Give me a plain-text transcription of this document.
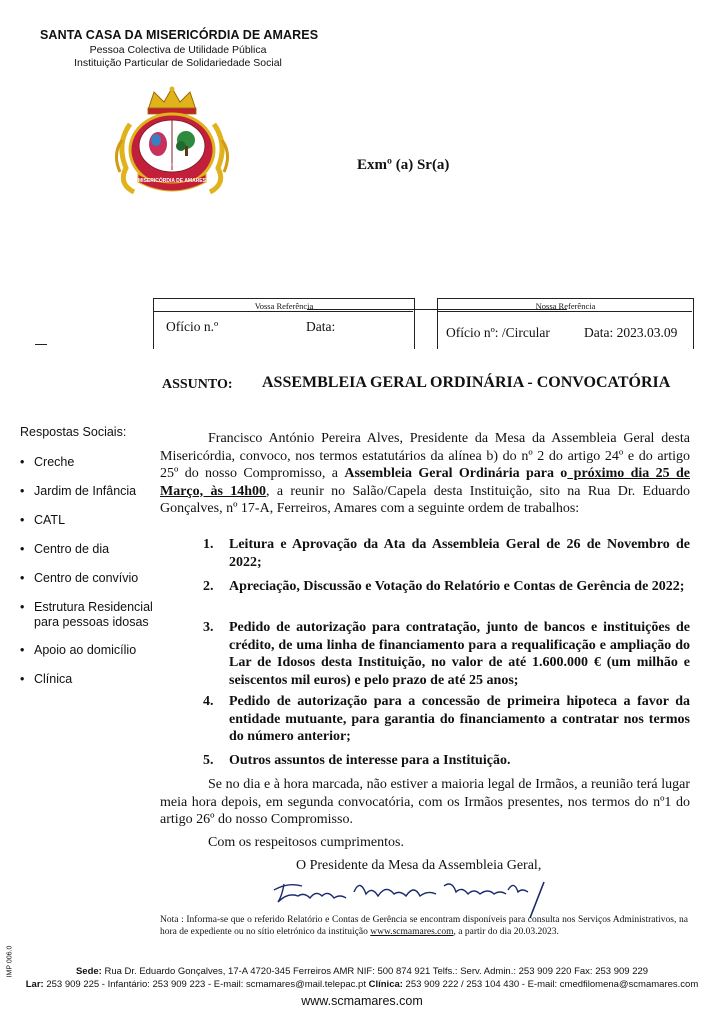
SANTA CASA DA MISERICÓRDIA DE AMARES
Pessoa Colectiva de Utilidade Pública
Instituição Particular de Solidariedade Social
1951
MISERICÓRDIA DE AMARES
Exmº (a) Sr(a)
Vossa Referência
Ofício n.º	Data:
Nossa Referência
Ofício nº: /Circular	Data: 2023.03.09
ASSUNTO: ASSEMBLEIA GERAL ORDINÁRIA - CONVOCATÓRIA
Respostas Sociais:
• Creche
• Jardim de Infância
• CATL
• Centro de dia
• Centro de convívio
• Estrutura Residencial para pessoas idosas
• Apoio ao domicílio
• Clínica
Francisco António Pereira Alves, Presidente da Mesa da Assembleia Geral desta Misericórdia, convoco, nos termos estatutários da alínea b) do nº 2 do artigo 24º e do artigo 25º do nosso Compromisso, a Assembleia Geral Ordinária para o próximo dia 25 de Março, às 14h00, a reunir no Salão/Capela desta Instituição, sito na Rua Dr. Eduardo Gonçalves, nº 17-A, Ferreiros, Amares com a seguinte ordem de trabalhos:
1. Leitura e Aprovação da Ata da Assembleia Geral de 26 de Novembro de 2022;
2. Apreciação, Discussão e Votação do Relatório e Contas de Gerência de 2022;
3. Pedido de autorização para contratação, junto de bancos e instituições de crédito, de uma linha de financiamento para a requalificação e ampliação do Lar de Idosos desta Instituição, no valor de até 1.600.000 € (um milhão e seiscentos mil euros) e pelo prazo de até 25 anos;
4. Pedido de autorização para a concessão de primeira hipoteca a favor da entidade mutuante, para garantia do financiamento a contratar nos termos do número anterior;
5. Outros assuntos de interesse para a Instituição.
Se no dia e à hora marcada, não estiver a maioria legal de Irmãos, a reunião terá lugar meia hora depois, em segunda convocatória, com os Irmãos presentes, nos termos do nº1 do artigo 26º do nosso Compromisso.
Com os respeitosos cumprimentos.
O Presidente da Mesa da Assembleia Geral,
Nota : Informa-se que o referido Relatório e Contas de Gerência se encontram disponíveis para consulta nos Serviços Administrativos, na hora de expediente ou no sítio eletrónico da instituição www.scmamares.com, a partir do dia 20.03.2023.
IMP 006.0	Sede: Rua Dr. Eduardo Gonçalves, 17-A 4720-345 Ferreiros AMR NIF: 500 874 921 Telfs.: Serv. Admin.: 253 909 220 Fax: 253 909 229
Lar: 253 909 225 - Infantário: 253 909 223 - E-mail: scmamares@mail.telepac.pt Clínica: 253 909 222 / 253 104 430 - E-mail: cmedfilomena@scmamares.com
www.scmamares.com
